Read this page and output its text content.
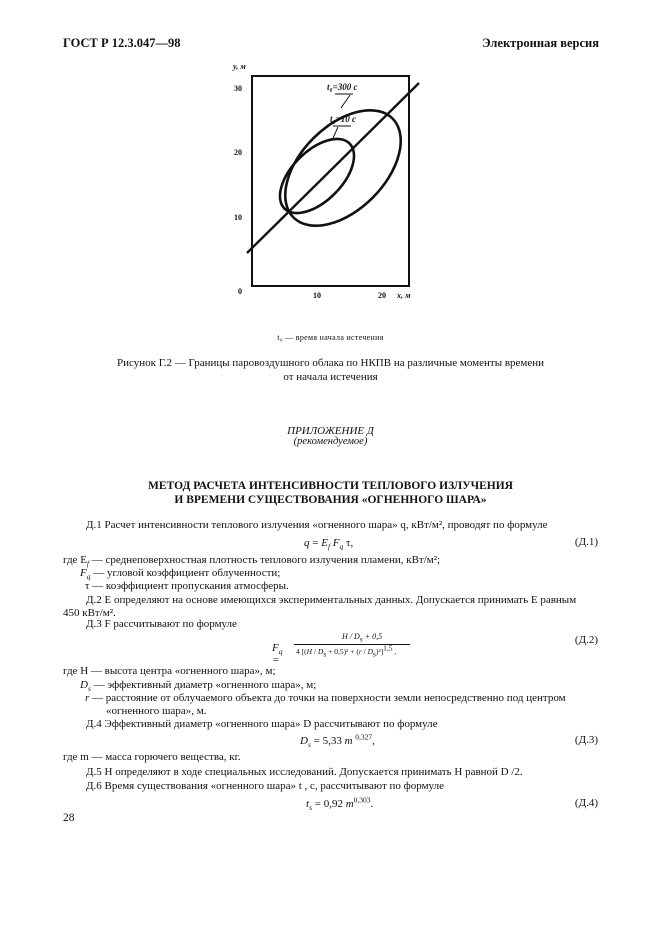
ГОСТ Р 12.3.047—98	Электронная версия
y, м
30
20
10
0	10	20 x, м
t₀=300 с
t₀=10 с
t₀ — время начала истечения
Рисунок Г.2 — Границы паровоздушного облака по НКПВ на различные моменты времени
от начала истечения
ПРИЛОЖЕНИЕ Д
(рекомендуемое)
МЕТОД РАСЧЕТА ИНТЕНСИВНОСТИ ТЕПЛОВОГО ИЗЛУЧЕНИЯ
И ВРЕМЕНИ СУЩЕСТВОВАНИЯ «ОГНЕННОГО ШАРА»
Д.1 Расчет интенсивности теплового излучения «огненного шара» q, кВт/м², проводят по формуле
$q = E_f$ $F_q$ τ,	(Д.1)
где $E_f$ — среднеповерхностная плотность теплового излучения пламени, кВт/м²;
$F_q$ — угловой коэффициент облученности;
τ — коэффициент пропускания атмосферы.
Д.2 E определяют на основе имеющихся экспериментальных данных. Допускается принимать E равным
450 кВт/м².
Д.3 F рассчитывают по формуле
$F_q$ =
$H / D_s + 0,5$
4 $[(H / D_s + 0,5)^2 + (r / D_s)^2]^{1,5}$ ,
(Д.2)
где H — высота центра «огненного шара», м;
$D_s$ — эффективный диаметр «огненного шара», м;
r — расстояние от облучаемого объекта до точки на поверхности земли непосредственно под центром
«огненного шара», м.
Д.4 Эффективный диаметр «огненного шара» D рассчитывают по формуле
$D_s = 5,33$ m $^{0,327}$,	(Д.3)
где m — масса горючего вещества, кг.
Д.5 H определяют в ходе специальных исследований. Допускается принимать H равной D /2.
Д.6 Время существования «огненного шара» t , с, рассчитывают по формуле
$t_s = 0,92$ $m^{0,303}$.	(Д.4)
28
